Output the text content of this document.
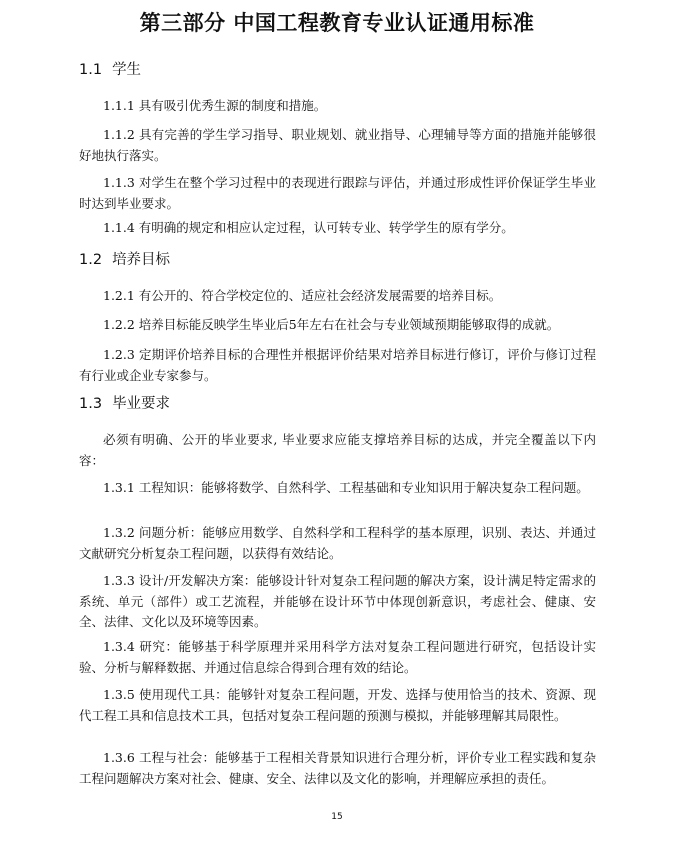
第三部分 中国工程教育专业认证通用标准
1.1 学生
1.1.1 具有吸引优秀生源的制度和措施。
1.1.2 具有完善的学生学习指导、职业规划、就业指导、心理辅导等方面的措施并能够很好地执行落实。
1.1.3 对学生在整个学习过程中的表现进行跟踪与评估，并通过形成性评价保证学生毕业时达到毕业要求。
1.1.4 有明确的规定和相应认定过程，认可转专业、转学学生的原有学分。
1.2 培养目标
1.2.1 有公开的、符合学校定位的、适应社会经济发展需要的培养目标。
1.2.2 培养目标能反映学生毕业后5年左右在社会与专业领域预期能够取得的成就。
1.2.3 定期评价培养目标的合理性并根据评价结果对培养目标进行修订，评价与修订过程有行业或企业专家参与。
1.3 毕业要求
必须有明确、公开的毕业要求, 毕业要求应能支撑培养目标的达成，并完全覆盖以下内容：
1.3.1 工程知识：能够将数学、自然科学、工程基础和专业知识用于解决复杂工程问题。
1.3.2 问题分析：能够应用数学、自然科学和工程科学的基本原理，识别、表达、并通过文献研究分析复杂工程问题，以获得有效结论。
1.3.3 设计/开发解决方案：能够设计针对复杂工程问题的解决方案，设计满足特定需求的系统、单元（部件）或工艺流程，并能够在设计环节中体现创新意识，考虑社会、健康、安全、法律、文化以及环境等因素。
1.3.4 研究：能够基于科学原理并采用科学方法对复杂工程问题进行研究，包括设计实验、分析与解释数据、并通过信息综合得到合理有效的结论。
1.3.5 使用现代工具：能够针对复杂工程问题，开发、选择与使用恰当的技术、资源、现代工程工具和信息技术工具，包括对复杂工程问题的预测与模拟，并能够理解其局限性。
1.3.6 工程与社会：能够基于工程相关背景知识进行合理分析，评价专业工程实践和复杂工程问题解决方案对社会、健康、安全、法律以及文化的影响，并理解应承担的责任。
15
